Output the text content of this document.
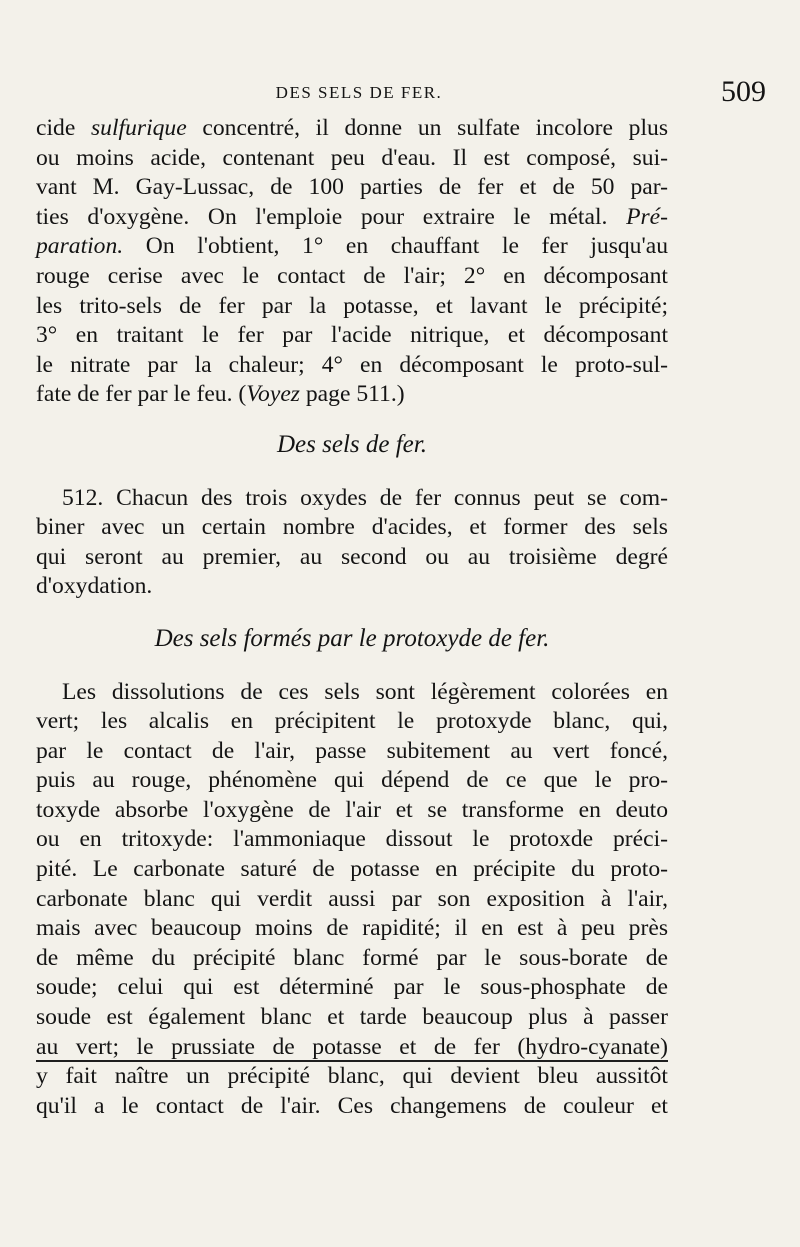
DES SELS DE FER.	509
cide sulfurique concentré, il donne un sulfate incolore plus
ou moins acide, contenant peu d'eau. Il est composé, sui-
vant M. Gay-Lussac, de 100 parties de fer et de 50 par-
ties d'oxygène. On l'emploie pour extraire le métal. Pré-
paration. On l'obtient, 1° en chauffant le fer jusqu'au
rouge cerise avec le contact de l'air; 2° en décomposant
les trito-sels de fer par la potasse, et lavant le précipité;
3° en traitant le fer par l'acide nitrique, et décomposant
le nitrate par la chaleur; 4° en décomposant le proto-sul-
fate de fer par le feu. (Voyez page 511.)
Des sels de fer.
512. Chacun des trois oxydes de fer connus peut se com-
biner avec un certain nombre d'acides, et former des sels
qui seront au premier, au second ou au troisième degré
d'oxydation.
Des sels formés par le protoxyde de fer.
Les dissolutions de ces sels sont légèrement colorées en
vert; les alcalis en précipitent le protoxyde blanc, qui,
par le contact de l'air, passe subitement au vert foncé,
puis au rouge, phénomène qui dépend de ce que le pro-
toxyde absorbe l'oxygène de l'air et se transforme en deuto
ou en tritoxyde: l'ammoniaque dissout le protoxde préci-
pité. Le carbonate saturé de potasse en précipite du proto-
carbonate blanc qui verdit aussi par son exposition à l'air,
mais avec beaucoup moins de rapidité; il en est à peu près
de même du précipité blanc formé par le sous-borate de
soude; celui qui est déterminé par le sous-phosphate de
soude est également blanc et tarde beaucoup plus à passer
au vert; le prussiate de potasse et de fer (hydro-cyanate)
y fait naître un précipité blanc, qui devient bleu aussitôt
qu'il a le contact de l'air. Ces changemens de couleur et
